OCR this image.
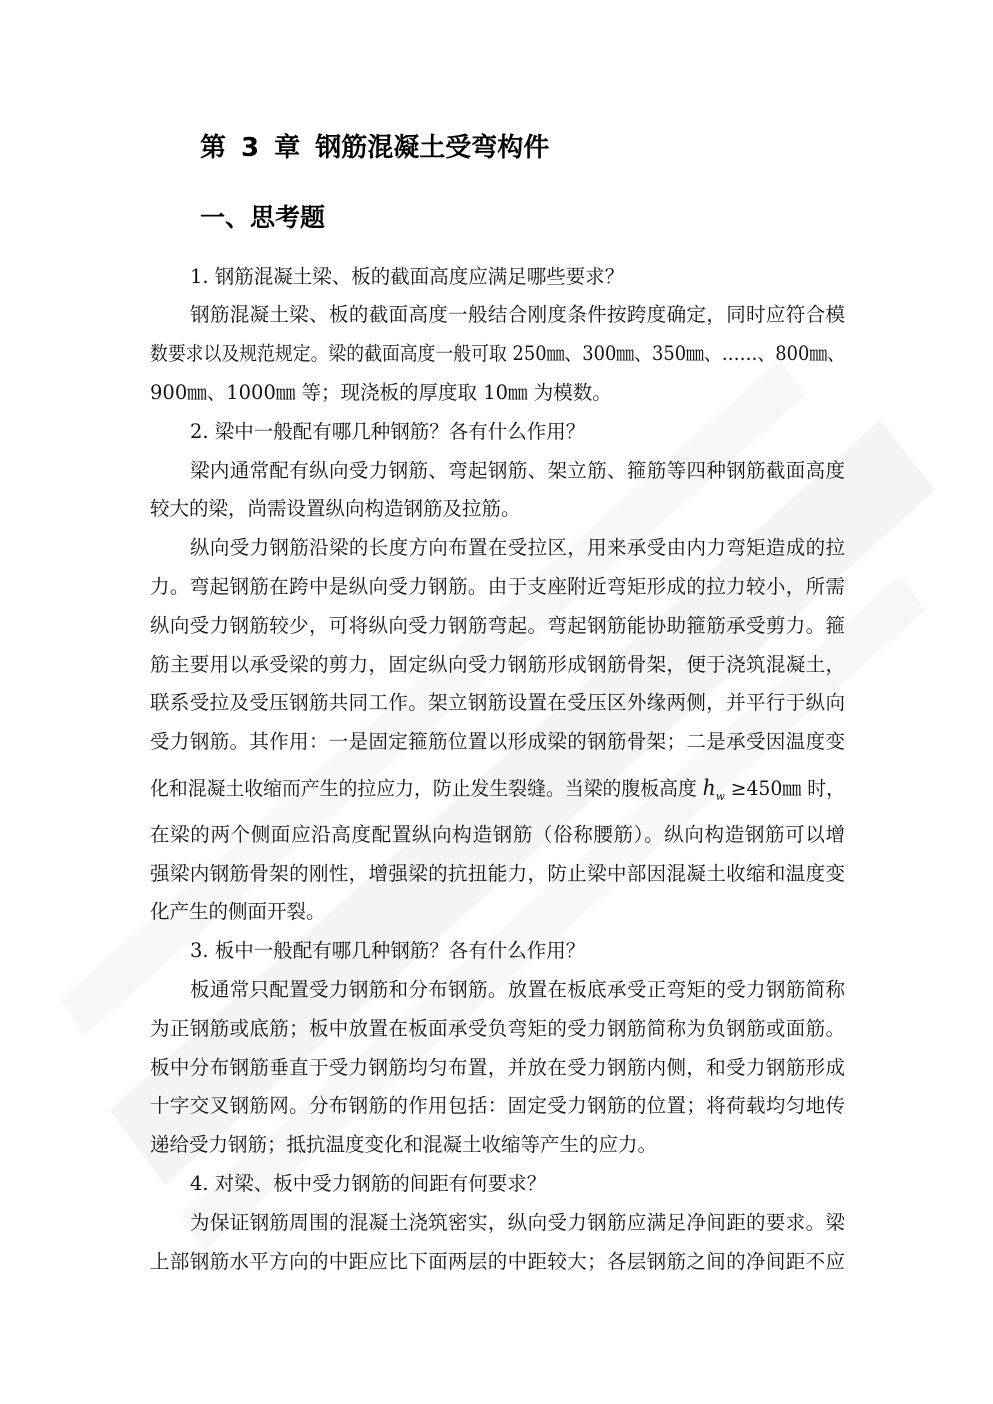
第 3 章 钢筋混凝土受弯构件
一、思考题
1. 钢筋混凝土梁、板的截面高度应满足哪些要求？
钢筋混凝土梁、板的截面高度一般结合刚度条件按跨度确定，同时应符合模
数要求以及规范规定。梁的截面高度一般可取 250㎜、300㎜、350㎜、……、800㎜、
900㎜、1000㎜ 等；现浇板的厚度取 10㎜ 为模数。
2. 梁中一般配有哪几种钢筋？各有什么作用？
梁内通常配有纵向受力钢筋、弯起钢筋、架立筋、箍筋等四种钢筋截面高度
较大的梁，尚需设置纵向构造钢筋及拉筋。
纵向受力钢筋沿梁的长度方向布置在受拉区，用来承受由内力弯矩造成的拉
力。弯起钢筋在跨中是纵向受力钢筋。由于支座附近弯矩形成的拉力较小，所需
纵向受力钢筋较少，可将纵向受力钢筋弯起。弯起钢筋能协助箍筋承受剪力。箍
筋主要用以承受梁的剪力，固定纵向受力钢筋形成钢筋骨架，便于浇筑混凝土，
联系受拉及受压钢筋共同工作。架立钢筋设置在受压区外缘两侧，并平行于纵向
受力钢筋。其作用：一是固定箍筋位置以形成梁的钢筋骨架；二是承受因温度变
化和混凝土收缩而产生的拉应力，防止发生裂缝。当梁的腹板高度 $h_w$ ≥450㎜ 时，
在梁的两个侧面应沿高度配置纵向构造钢筋（俗称腰筋）。纵向构造钢筋可以增
强梁内钢筋骨架的刚性，增强梁的抗扭能力，防止梁中部因混凝土收缩和温度变
化产生的侧面开裂。
3. 板中一般配有哪几种钢筋？各有什么作用？
板通常只配置受力钢筋和分布钢筋。放置在板底承受正弯矩的受力钢筋简称
为正钢筋或底筋；板中放置在板面承受负弯矩的受力钢筋简称为负钢筋或面筋。
板中分布钢筋垂直于受力钢筋均匀布置，并放在受力钢筋内侧，和受力钢筋形成
十字交叉钢筋网。分布钢筋的作用包括：固定受力钢筋的位置；将荷载均匀地传
递给受力钢筋；抵抗温度变化和混凝土收缩等产生的应力。
4. 对梁、板中受力钢筋的间距有何要求？
为保证钢筋周围的混凝土浇筑密实，纵向受力钢筋应满足净间距的要求。梁
上部钢筋水平方向的中距应比下面两层的中距较大；各层钢筋之间的净间距不应
